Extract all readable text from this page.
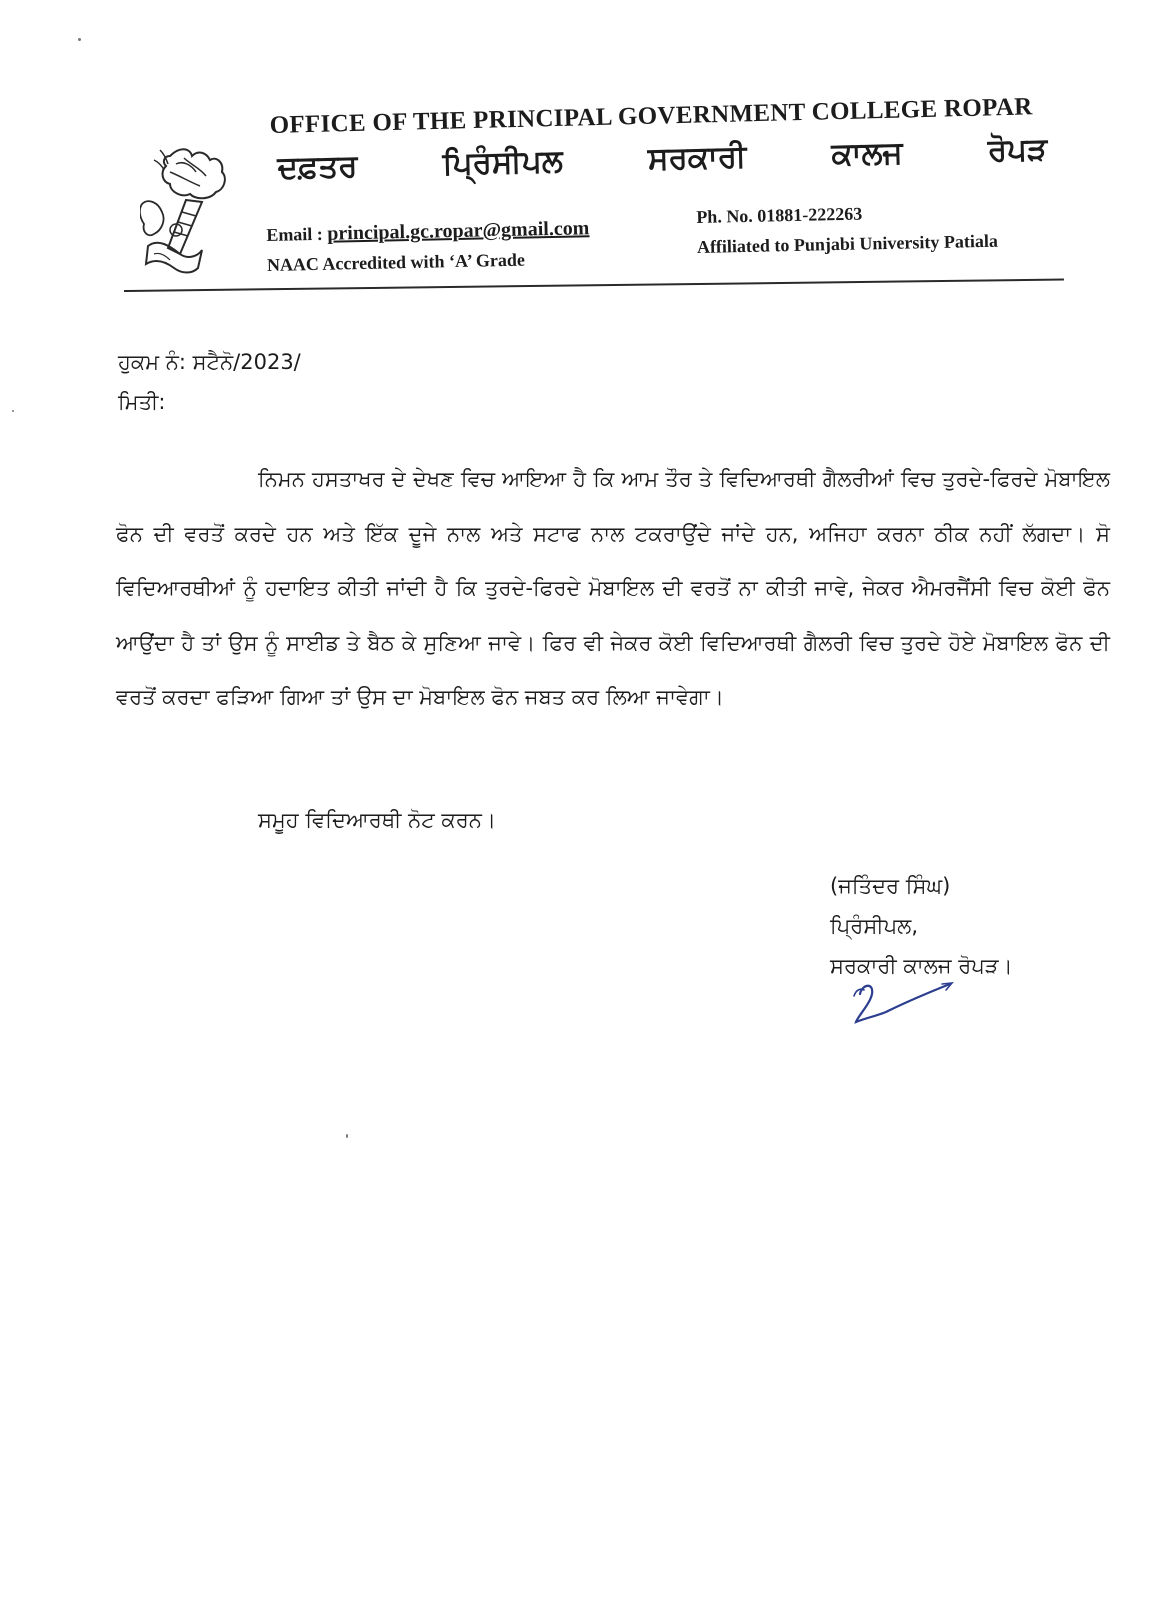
OFFICE OF THE PRINCIPAL GOVERNMENT COLLEGE ROPAR
ਦਫ਼ਤਰ	ਪ੍ਰਿੰਸੀਪਲ	ਸਰਕਾਰੀ	ਕਾਲਜ	ਰੋਪੜ
Email : principal.gc.ropar@gmail.com
NAAC Accredited with ‘A’ Grade
Ph. No. 01881-222263
Affiliated to Punjabi University Patiala
ਹੁਕਮ ਨੰ: ਸਟੈਨੋ/2023/
ਮਿਤੀ:

ਨਿਮਨ ਹਸਤਾਖਰ ਦੇ ਦੇਖਣ ਵਿਚ ਆਇਆ ਹੈ ਕਿ ਆਮ ਤੌਰ ਤੇ ਵਿਦਿਆਰਥੀ ਗੈਲਰੀਆਂ ਵਿਚ ਤੁਰਦੇ-ਫਿਰਦੇ ਮੋਬਾਇਲ ਫੋਨ ਦੀ ਵਰਤੋਂ ਕਰਦੇ ਹਨ ਅਤੇ ਇੱਕ ਦੂਜੇ ਨਾਲ ਅਤੇ ਸਟਾਫ ਨਾਲ ਟਕਰਾਉਂਦੇ ਜਾਂਦੇ ਹਨ, ਅਜਿਹਾ ਕਰਨਾ ਠੀਕ ਨਹੀਂ ਲੱਗਦਾ। ਸੋ ਵਿਦਿਆਰਥੀਆਂ ਨੂੰ ਹਦਾਇਤ ਕੀਤੀ ਜਾਂਦੀ ਹੈ ਕਿ ਤੁਰਦੇ-ਫਿਰਦੇ ਮੋਬਾਇਲ ਦੀ ਵਰਤੋਂ ਨਾ ਕੀਤੀ ਜਾਵੇ, ਜੇਕਰ ਐਮਰਜੈਂਸੀ ਵਿਚ ਕੋਈ ਫੋਨ ਆਉਂਦਾ ਹੈ ਤਾਂ ਉਸ ਨੂੰ ਸਾਈਡ ਤੇ ਬੈਠ ਕੇ ਸੁਣਿਆ ਜਾਵੇ। ਫਿਰ ਵੀ ਜੇਕਰ ਕੋਈ ਵਿਦਿਆਰਥੀ ਗੈਲਰੀ ਵਿਚ ਤੁਰਦੇ ਹੋਏ ਮੋਬਾਇਲ ਫੋਨ ਦੀ ਵਰਤੋਂ ਕਰਦਾ ਫੜਿਆ ਗਿਆ ਤਾਂ ਉਸ ਦਾ ਮੋਬਾਇਲ ਫੋਨ ਜਬਤ ਕਰ ਲਿਆ ਜਾਵੇਗਾ।

ਸਮੂਹ ਵਿਦਿਆਰਥੀ ਨੋਟ ਕਰਨ।

(ਜਤਿੰਦਰ ਸਿੰਘ)
ਪ੍ਰਿੰਸੀਪਲ,
ਸਰਕਾਰੀ ਕਾਲਜ ਰੋਪੜ।
